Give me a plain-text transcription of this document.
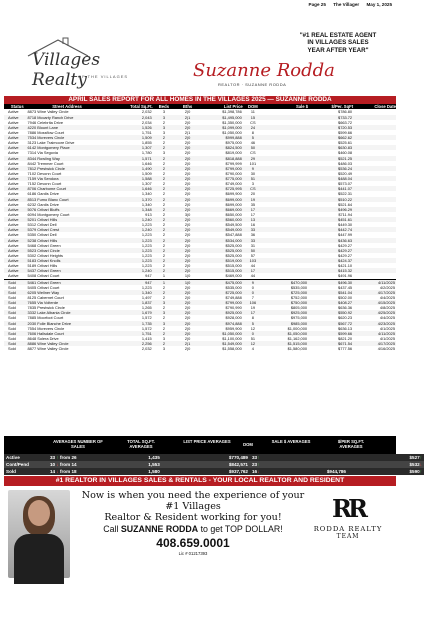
Page 25 The Villager May 1, 2025
Villages Realty
OF THE VILLAGES	Suzanne Rodda
REALTOR · SUZANNE RODDA
"#1 REAL ESTATE AGENT
IN VILLAGES SALES
YEAR AFTER YEAR"
APRIL SALES REPORT FOR ALL HOMES IN THE VILLAGES 2025 — SUZANNE RODDA
Status	Street Address	Total Sq.Ft.	Beds	Bths	List Price	DOM	Sale $	$/Per. SqFt	Close Date
Active	8873 Wine Valley Circle	2,032	3	2|0	$1,398,786	11		$786.80	
Active	8718 Mccarty Ranch Drive	2,043	3	2|1	$1,495,000	15		$733.72	
Active	7946 Celebrita Drive	2,034	2	2|0	$1,350,000	CS		$663.72	
Active	4220 Blount Lane	1,526	3	2|0	$1,099,000	24		$720.53	
Active	7886 Mossflow Court	1,751	3	2|1	$1,050,000	8		$599.66	
Active	7534 Mcrevers Circle	1,509	2	2|0	$999,888	5		$662.62	
Active	3123 Lake Traimoore Drive	1,855	2	2|0	$975,000	46		$525.61	
Active	6142 Montgomery Place	1,307	2	2|0	$824,500	50		$630.83	
Active	7314 Via Segovia	1,780	3	2|0	$819,000	CS		$460.08	
Active	8344 Rowling Way	1,571	2	2|0	$818,888	29		$521.25	
Active	8442 Tremmer Court	1,646	2	2|0	$799,999	101		$486.03	
Active	7812 Prestwick Circle	1,490	2	2|0	$799,000	9		$536.24	
Active	7102 Devonn Court	1,509	2	2|0	$790,000	30		$520.49	
Active	7159 Via Sendora	1,588	2	2|0	$775,000	51		$488.04	
Active	7152 Devonn Court	1,307	2	2|0	$749,000	3		$573.07	
Active	8706 Charbome Court	1,646	2	2|0	$725,995	CS		$441.07	
Active	6186 Gardis Drive	1,340	2	2|0	$699,900	20		$522.31	
Active	8513 Fumo Blanc Court	1,370	2	2|0	$699,000	19		$510.22	
Active	6232 Gardis Drive	1,340	2	2|0	$699,000	35		$521.64	
Active	5076 Cribari Bluffs	1,348	2	2|0	$669,000	17		$496.29	
Active	6094 Montgomery Court	913	2	3|0	$650,000	17		$711.94	
Active	5201 Cribari Hills	1,240	2	2|0	$560,000	13		$451.61	
Active	5312 Cribari Dell	1,223	2	2|0	$549,500	16		$449.30	
Active	5379 Cribari Crest	1,240	2	2|0	$549,000	33		$442.74	
Active	5350 Cribari Dell	1,223	2	2|0	$547,888	36		$447.99	
Active	5238 Cribari Hills	1,223	2	2|0	$534,000	33		$436.63	
Active	5468 Cribari Green	1,223	2	2|0	$525,000	31		$429.27	
Active	5523 Cribari Circle	1,223	2	2|0	$525,000	50		$429.27	
Active	5302 Cribari Heights	1,223	2	2|0	$525,000	57		$429.27	
Active	5183 Cribari Knolls	1,223	2	2|0	$519,000	103		$424.37	
Active	5189 Cribari Hills	1,223	2	2|0	$515,000	44		$421.10	
Active	5437 Cribari Green	1,240	2	2|0	$515,000	17		$415.32	
Active	5408 Cribari Court	947	1	1|0	$469,000	44		$491.96	
Sold	5461 Cribari Green	947	1	1|0	$475,000	9	$470,000	$496.30	4/11/2025
Sold	5405 Cribari Court	1,223	2	2|0	$535,000	0	$535,000	$437.45	4/2/2025
Sold	6205 Wellner Way	1,340	2	2|0	$725,000	0	$725,000	$541.04	4/17/2025
Sold	8125 Cabernet Court	1,497	2	2|0	$749,888	7	$752,000	$502.00	4/4/2025
Sold	7655 Via Volterde	1,837	3	2|0	$799,000	106	$750,000	$408.27	4/15/2025
Sold	7835 Prestwick Circle	1,265	2	2|0	$790,990	19	$805,000	$636.36	4/8/2025
Sold	3332 Lake Albania Circle	1,679	3	2|0	$925,000	17	$925,000	$550.92	4/25/2025
Sold	7885 Moorfoot Court	1,572	2	2|0	$928,000	8	$975,000	$620.23	4/4/2025
Sold	2030 Folle Blanche Drive	1,735	3	2|0	$974,888	5	$985,000	$567.72	4/23/2025
Sold	7554 Mcrevers Circle	1,572	2	2|0	$959,900	12	$1,000,000	$636.13	4/1/2025
Sold	7606 Hallsdale Court	1,751	2	2|0	$1,050,000	0	$1,050,000	$599.66	4/11/2025
Sold	8648 Solera Drive	1,415	3	2|0	$1,100,000	51	$1,162,000	$821.20	4/1/2025
Sold	8886 Wine Valley Circle	2,256	2	2|1	$1,549,000	12	$1,515,000	$671.54	4/17/2025
Sold	8877 Wine Valley Circle	2,032	3	2|0	$1,558,000	4	$1,580,000	$777.56	4/16/2025
AVERAGES NUMBER OF SALES
TOTAL SQ.FT. AVERAGES
LIST PRICE AVERAGES
DOM
SALE $ AVERAGES	$/PER SQ.FT. AVERAGES
Active	33 ↑ from 26	1,435	$770,489	33↑		$527↑
Cont/Pend	10 ↓ from 14	1,553	$842,571	23↑		$532↓
Sold	14 ↓ from 18	1,580	$937,762	16↓	$944,786	$590↑
#1 REALTOR IN VILLAGES SALES & RENTALS - YOUR LOCAL REALTOR AND RESIDENT
Now is when you need the experience of your #1 Villages
Realtor & Resident working for you!
Call SUZANNE RODDA to get TOP DOLLAR!
408.659.0001
Lic # 01217393
RR
RODDA REALTY
TEAM
